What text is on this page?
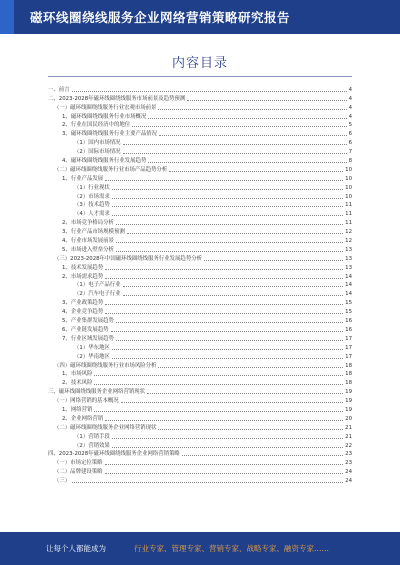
磁环线圈绕线服务企业网络营销策略研究报告
内容目录
一、前言	4
二、2023-2028年磁环线圈绕线服务市场前景及趋势预测	4
（一）磁环线圈绕线服务行业宏观市场前景	4
1、磁环线圈绕线服务行业市场概况	4
2、行业在国民经济中的地位	5
3、磁环线圈绕线服务行业主要产品情况	6
（1）国内市场情况	6
（2）国际市场情况	7
4、磁环线圈绕线服务行业发展趋势	8
（二）磁环线圈绕线服务行业市场产品趋势分析	10
1、行业产品发展	10
（1）行业现状	10
（2）市场需求	10
（3）技术趋势	11
（4）人才需求	11
2、市场竞争格局分析	11
3、行业产品市场规模预测	12
4、行业市场发展前景	12
5、市场进入壁垒分析	13
（三）2023-2028年中国磁环线圈绕线服务行业发展趋势分析	13
1、技术发展趋势	13
2、市场需求趋势	14
（1）电子产品行业	14
（2）汽车电子行业	14
3、产业政策趋势	15
4、企业竞争趋势	15
5、产业集群发展趋势	16
6、产业链发展趋势	16
7、行业区域发展趋势	17
（1）华东地区	17
（2）华南地区	17
（四）磁环线圈绕线服务行业市场风险分析	18
1、市场风险	18
2、技术风险	18
三、磁环线圈绕线服务企业网络营销现状	19
（一）网络营销的基本概况	19
1、网络营销	19
2、企业网络营销	20
（二）磁环线圈绕线服务企业网络营销现状	21
（1）营销手段	21
（2）营销效果	22
四、2023-2028年磁环线圈绕线服务企业网络营销策略	23
（一）市场定位策略	23
（二）品牌建设策略	24
（三）	24
让每个人都能成为	行业专家、管理专家、营销专家、战略专家、融资专家……
